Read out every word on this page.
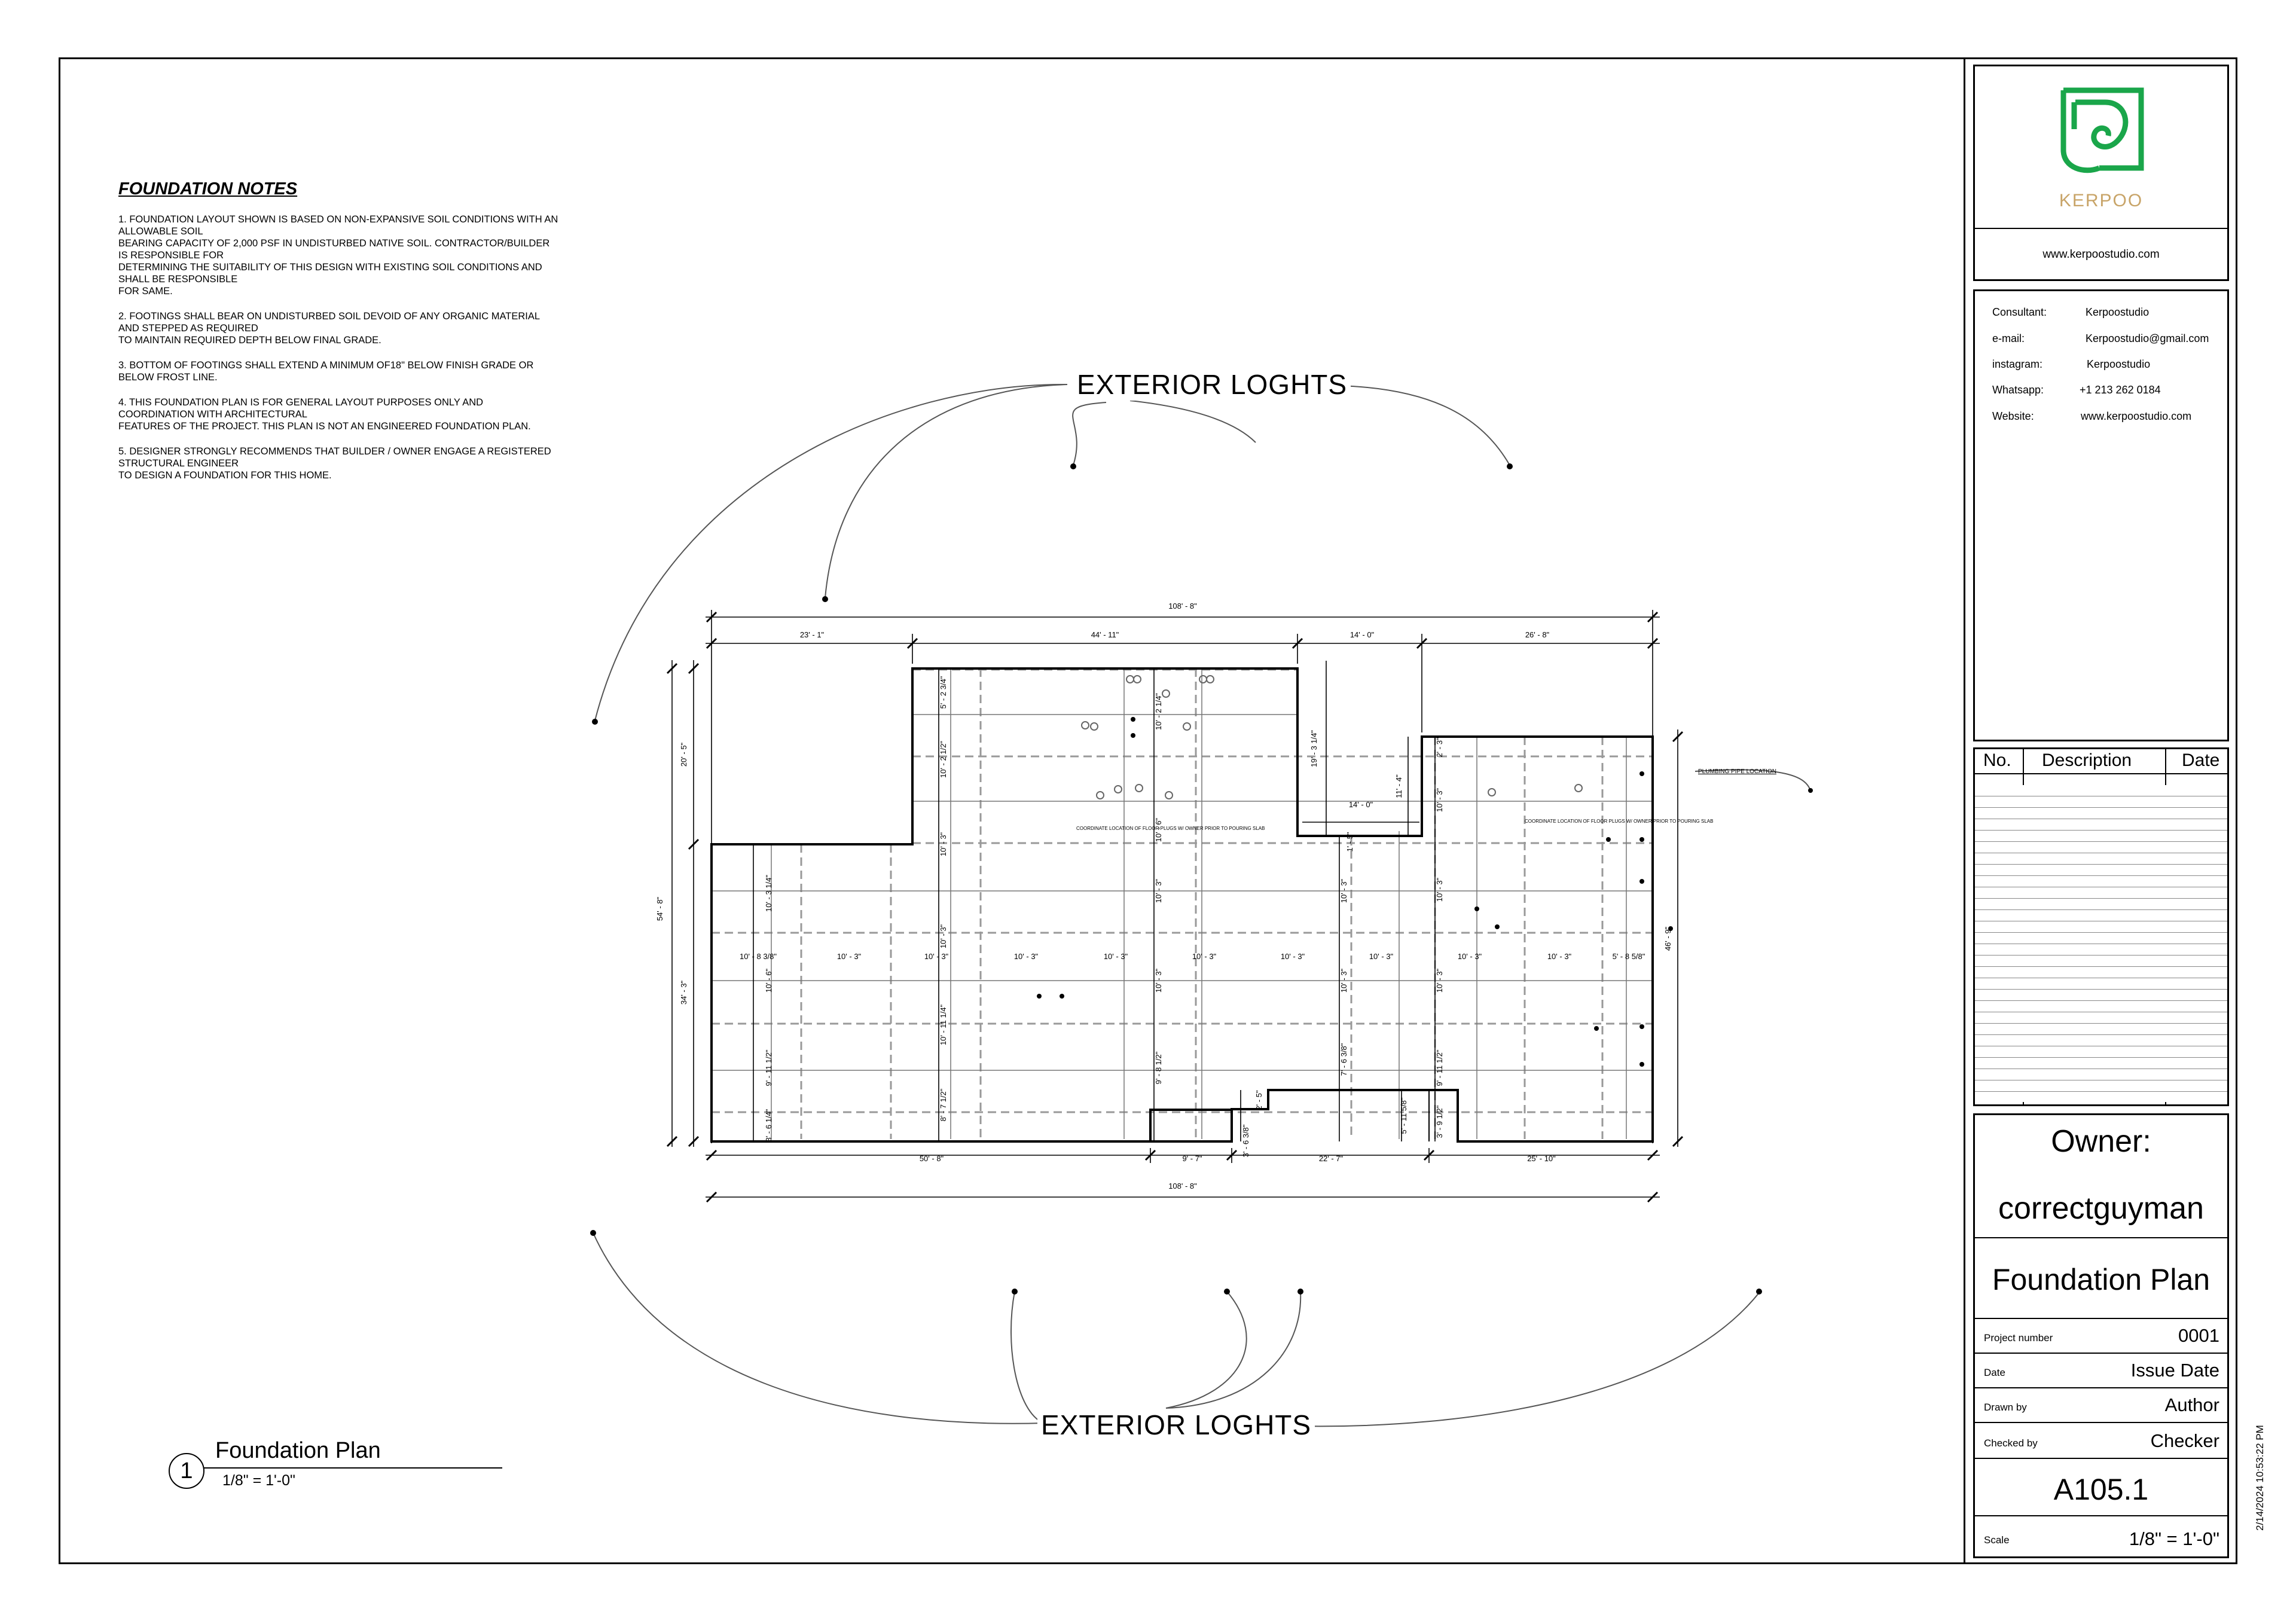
FOUNDATION NOTES

1. FOUNDATION LAYOUT SHOWN IS BASED ON NON-EXPANSIVE SOIL CONDITIONS WITH AN
ALLOWABLE SOIL
BEARING CAPACITY OF 2,000 PSF IN UNDISTURBED NATIVE SOIL. CONTRACTOR/BUILDER
IS RESPONSIBLE FOR
DETERMINING THE SUITABILITY OF THIS DESIGN WITH EXISTING SOIL CONDITIONS AND
SHALL BE RESPONSIBLE
FOR SAME.

2. FOOTINGS SHALL BEAR ON UNDISTURBED SOIL DEVOID OF ANY ORGANIC MATERIAL
AND STEPPED AS REQUIRED
TO MAINTAIN REQUIRED DEPTH BELOW FINAL GRADE.

3. BOTTOM OF FOOTINGS SHALL EXTEND A MINIMUM OF18" BELOW FINISH GRADE OR
BELOW FROST LINE.

4. THIS FOUNDATION PLAN IS FOR GENERAL LAYOUT PURPOSES ONLY AND
COORDINATION WITH ARCHITECTURAL
FEATURES OF THE PROJECT. THIS PLAN IS NOT AN ENGINEERED FOUNDATION PLAN.

5. DESIGNER STRONGLY RECOMMENDS THAT BUILDER / OWNER ENGAGE A REGISTERED
STRUCTURAL ENGINEER
TO DESIGN A FOUNDATION FOR THIS HOME.

108' - 8"
23' - 1"	44' - 11"	14' - 0"	26' - 8"
50' - 8"	9' - 7"	22' - 7"	25' - 10"
108' - 8"
14' - 0"
54' - 8"
20' - 5"
34' - 3"
46' - 9"
11' - 4"
10' - 8 3/8"	10' - 3"	10' - 3"	10' - 3"	10' - 3"	10' - 3"	10' - 3"	10' - 3"	10' - 3"	10' - 3"	5' - 8 5/8"
5' - 2 3/4"
10' - 2 1/2"
10' - 3"
10' - 3"
10' - 11 1/4"
8' - 7 1/2"
10' - 2 1/4"
10' - 6"
10' - 3"
10' - 3"
9' - 8 1/2"
19' - 3 1/4"
10' - 3 1/4"
10' - 6"
9' - 11 1/2"
3' - 6 1/4"
10' - 3"
10' - 3"
7' - 6 3/8"
2' - 3"
10' - 3"
10' - 3"
10' - 3"
9' - 11 1/2"
3' - 9 1/2"
5' - 11 5/8"
3' - 6 3/8"
2' - 5"
1' - 5"
COORDINATE LOCATION OF FLOOR PLUGS W/ OWNER PRIOR TO POURING SLAB
COORDINATE LOCATION OF FLOOR PLUGS W/ OWNER PRIOR TO POURING SLAB
PLUMBING PIPE LOCATION
EXTERIOR LOGHTS
EXTERIOR LOGHTS
1
Foundation Plan
1/8" = 1'-0"
KERPOO
www.kerpoostudio.com
Consultant:	Kerpoostudio
e-mail:	Kerpoostudio@gmail.com
instagram:	Kerpoostudio
Whatsapp:	+1 213 262 0184
Website:	www.kerpoostudio.com
No. Description	Date
Owner:
correctguyman
Foundation Plan
Project number	0001
Date	Issue Date
Drawn by	Author
Checked by	Checker
A105.1
Scale	1/8" = 1'-0"
2/14/2024 10:53:22 PM
